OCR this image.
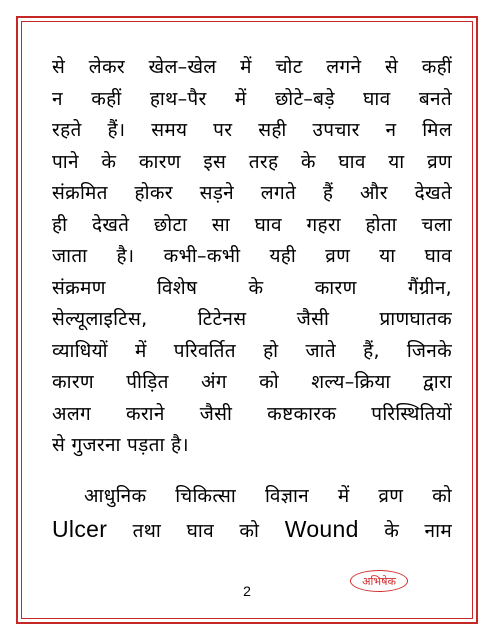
से लेकर खेल–खेल में चोट लगने से कहीं
न कहीं हाथ–पैर में छोटे–बड़े घाव बनते
रहते हैं। समय पर सही उपचार न मिल
पाने के कारण इस तरह के घाव या व्रण
संक्रमित होकर सड़ने लगते हैं और देखते
ही देखते छोटा सा घाव गहरा होता चला
जाता है। कभी–कभी यही व्रण या घाव
संक्रमण विशेष के कारण गैंग्रीन,
सेल्यूलाइटिस, टिटेनस जैसी प्राणघातक
व्याधियों में परिवर्तित हो जाते हैं, जिनके
कारण पीड़ित अंग को शल्य–क्रिया द्वारा
अलग कराने जैसी कष्टकारक परिस्थितियों
से गुजरना पड़ता है।
आधुनिक चिकित्सा विज्ञान में व्रण को
Ulcer तथा घाव को Wound के नाम
2
अभिषेक
